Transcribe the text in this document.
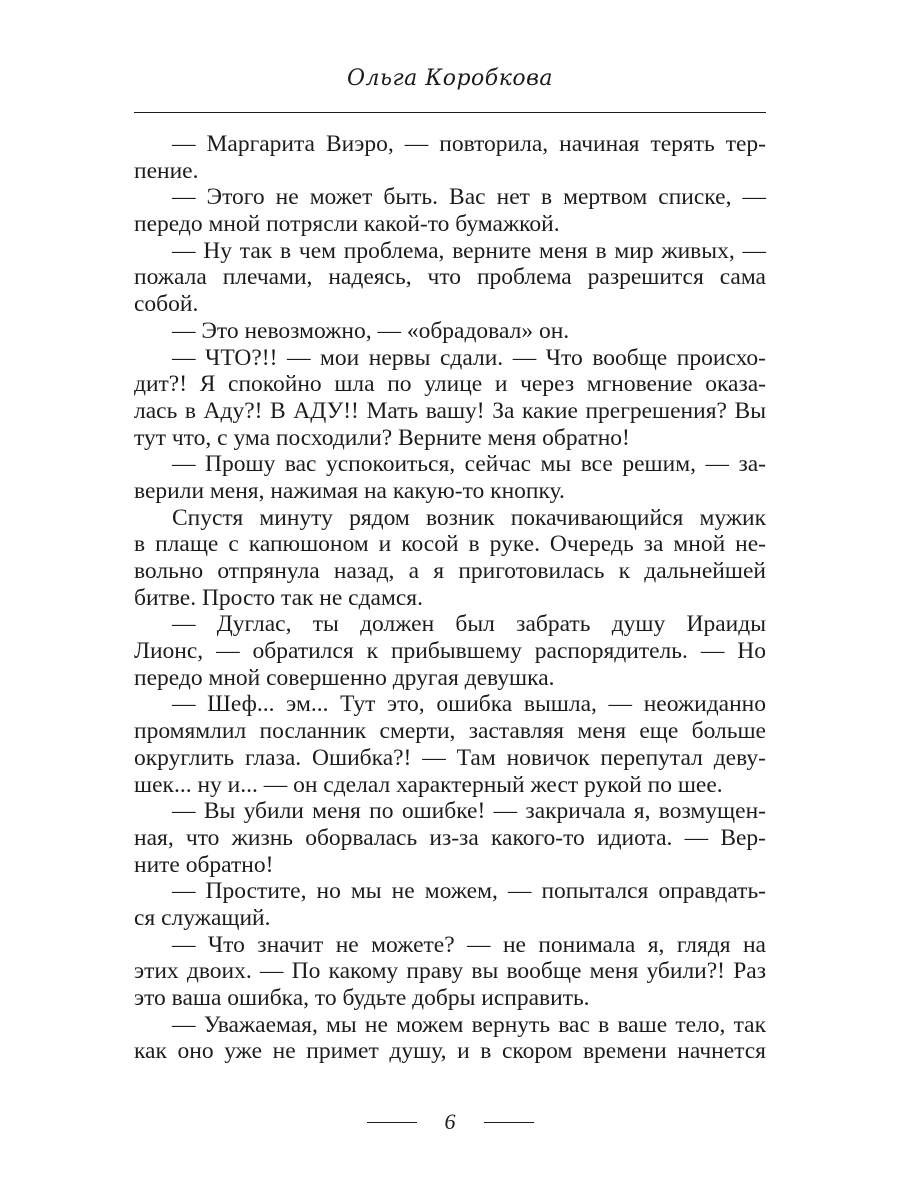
Ольга Коробкова
— Маргарита Виэро, — повторила, начиная терять тер-
пение.
— Этого не может быть. Вас нет в мертвом списке, —
передо мной потрясли какой-то бумажкой.
— Ну так в чем проблема, верните меня в мир живых, —
пожала плечами, надеясь, что проблема разрешится сама
собой.
— Это невозможно, — «обрадовал» он.
— ЧТО?!! — мои нервы сдали. — Что вообще происхо-
дит?! Я спокойно шла по улице и через мгновение оказа-
лась в Аду?! В АДУ!! Мать вашу! За какие прегрешения? Вы
тут что, с ума посходили? Верните меня обратно!
— Прошу вас успокоиться, сейчас мы все решим, — за-
верили меня, нажимая на какую-то кнопку.
Спустя минуту рядом возник покачивающийся мужик
в плаще с капюшоном и косой в руке. Очередь за мной не-
вольно отпрянула назад, а я приготовилась к дальнейшей
битве. Просто так не сдамся.
— Дуглас, ты должен был забрать душу Ираиды
Лионс, — обратился к прибывшему распорядитель. — Но
передо мной совершенно другая девушка.
— Шеф... эм... Тут это, ошибка вышла, — неожиданно
промямлил посланник смерти, заставляя меня еще больше
округлить глаза. Ошибка?! — Там новичок перепутал деву-
шек... ну и... — он сделал характерный жест рукой по шее.
— Вы убили меня по ошибке! — закричала я, возмущен-
ная, что жизнь оборвалась из-за какого-то идиота. — Вер-
ните обратно!
— Простите, но мы не можем, — попытался оправдать-
ся служащий.
— Что значит не можете? — не понимала я, глядя на
этих двоих. — По какому праву вы вообще меня убили?! Раз
это ваша ошибка, то будьте добры исправить.
— Уважаемая, мы не можем вернуть вас в ваше тело, так
как оно уже не примет душу, и в скором времени начнется
6
